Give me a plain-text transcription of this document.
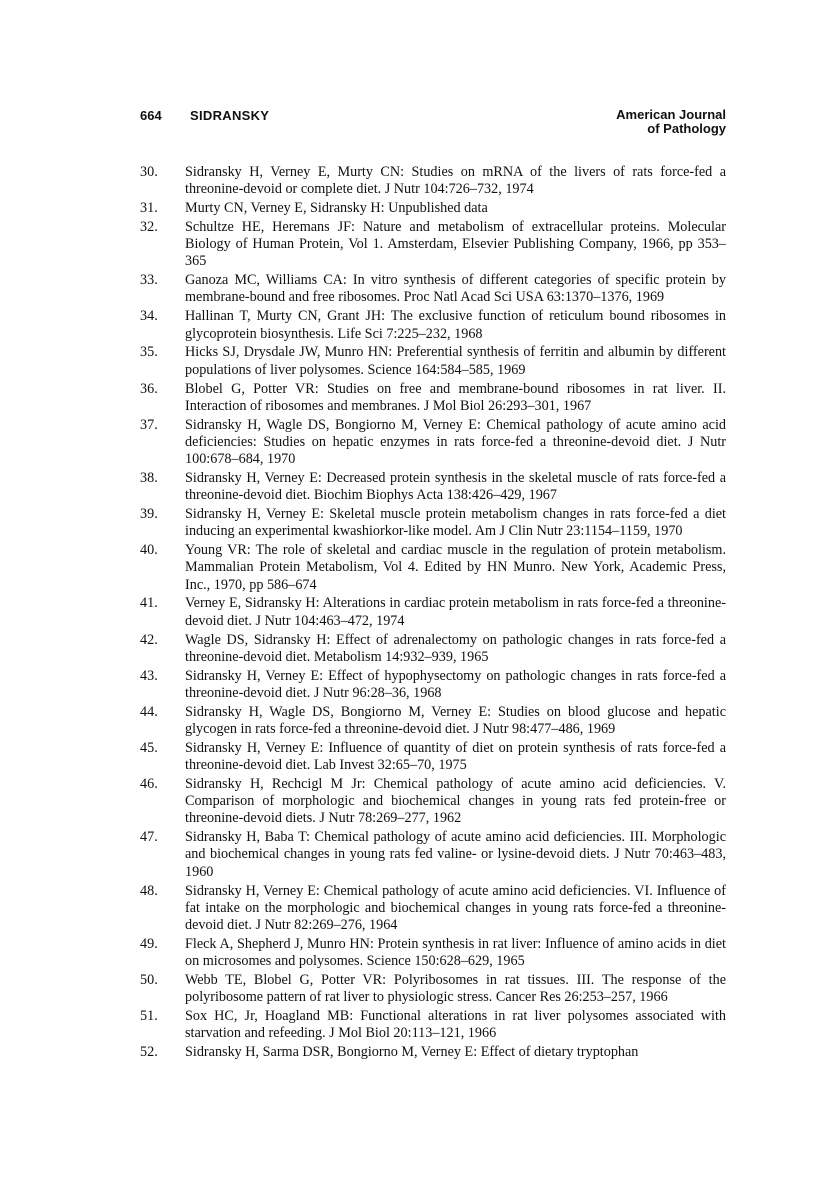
664 SIDRANSKY	American Journal
of Pathology
30. Sidransky H, Verney E, Murty CN: Studies on mRNA of the livers of rats force-fed a threonine-devoid or complete diet. J Nutr 104:726–732, 1974
31. Murty CN, Verney E, Sidransky H: Unpublished data
32. Schultze HE, Heremans JF: Nature and metabolism of extracellular proteins. Molecular Biology of Human Protein, Vol 1. Amsterdam, Elsevier Publishing Company, 1966, pp 353–365
33. Ganoza MC, Williams CA: In vitro synthesis of different categories of specific protein by membrane-bound and free ribosomes. Proc Natl Acad Sci USA 63:1370–1376, 1969
34. Hallinan T, Murty CN, Grant JH: The exclusive function of reticulum bound ribosomes in glycoprotein biosynthesis. Life Sci 7:225–232, 1968
35. Hicks SJ, Drysdale JW, Munro HN: Preferential synthesis of ferritin and albumin by different populations of liver polysomes. Science 164:584–585, 1969
36. Blobel G, Potter VR: Studies on free and membrane-bound ribosomes in rat liver. II. Interaction of ribosomes and membranes. J Mol Biol 26:293–301, 1967
37. Sidransky H, Wagle DS, Bongiorno M, Verney E: Chemical pathology of acute amino acid deficiencies: Studies on hepatic enzymes in rats force-fed a threonine-devoid diet. J Nutr 100:678–684, 1970
38. Sidransky H, Verney E: Decreased protein synthesis in the skeletal muscle of rats force-fed a threonine-devoid diet. Biochim Biophys Acta 138:426–429, 1967
39. Sidransky H, Verney E: Skeletal muscle protein metabolism changes in rats force-fed a diet inducing an experimental kwashiorkor-like model. Am J Clin Nutr 23:1154–1159, 1970
40. Young VR: The role of skeletal and cardiac muscle in the regulation of protein metabolism. Mammalian Protein Metabolism, Vol 4. Edited by HN Munro. New York, Academic Press, Inc., 1970, pp 586–674
41. Verney E, Sidransky H: Alterations in cardiac protein metabolism in rats force-fed a threonine-devoid diet. J Nutr 104:463–472, 1974
42. Wagle DS, Sidransky H: Effect of adrenalectomy on pathologic changes in rats force-fed a threonine-devoid diet. Metabolism 14:932–939, 1965
43. Sidransky H, Verney E: Effect of hypophysectomy on pathologic changes in rats force-fed a threonine-devoid diet. J Nutr 96:28–36, 1968
44. Sidransky H, Wagle DS, Bongiorno M, Verney E: Studies on blood glucose and hepatic glycogen in rats force-fed a threonine-devoid diet. J Nutr 98:477–486, 1969
45. Sidransky H, Verney E: Influence of quantity of diet on protein synthesis of rats force-fed a threonine-devoid diet. Lab Invest 32:65–70, 1975
46. Sidransky H, Rechcigl M Jr: Chemical pathology of acute amino acid deficiencies. V. Comparison of morphologic and biochemical changes in young rats fed protein-free or threonine-devoid diets. J Nutr 78:269–277, 1962
47. Sidransky H, Baba T: Chemical pathology of acute amino acid deficiencies. III. Morphologic and biochemical changes in young rats fed valine- or lysine-devoid diets. J Nutr 70:463–483, 1960
48. Sidransky H, Verney E: Chemical pathology of acute amino acid deficiencies. VI. Influence of fat intake on the morphologic and biochemical changes in young rats force-fed a threonine-devoid diet. J Nutr 82:269–276, 1964
49. Fleck A, Shepherd J, Munro HN: Protein synthesis in rat liver: Influence of amino acids in diet on microsomes and polysomes. Science 150:628–629, 1965
50. Webb TE, Blobel G, Potter VR: Polyribosomes in rat tissues. III. The response of the polyribosome pattern of rat liver to physiologic stress. Cancer Res 26:253–257, 1966
51. Sox HC, Jr, Hoagland MB: Functional alterations in rat liver polysomes associated with starvation and refeeding. J Mol Biol 20:113–121, 1966
52. Sidransky H, Sarma DSR, Bongiorno M, Verney E: Effect of dietary tryptophan
